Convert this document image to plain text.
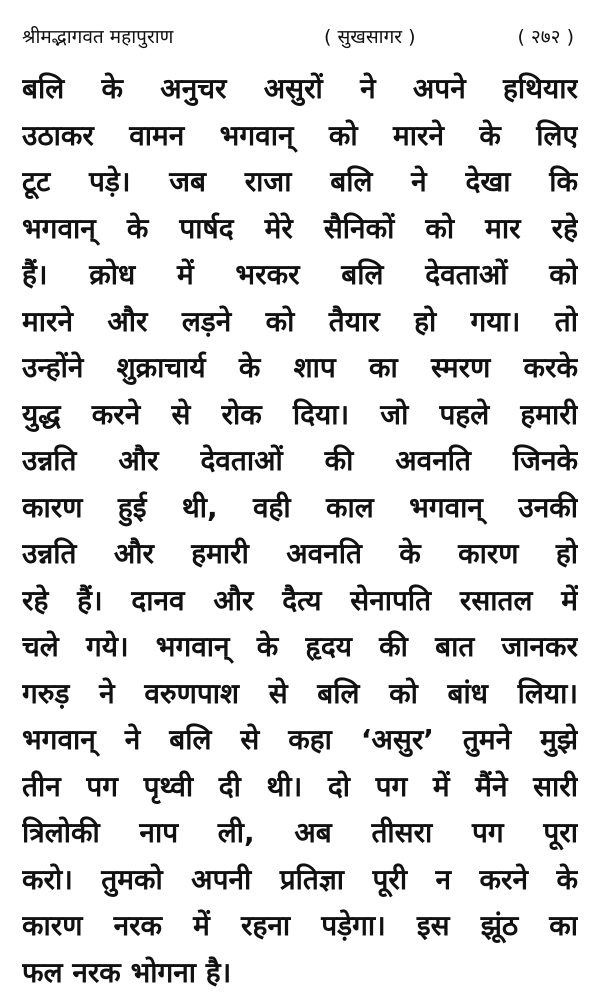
श्रीमद्भागवत महापुराण	( सुखसागर )	( २७२ )
बलि के अनुचर असुरों ने अपने हथियार
उठाकर वामन भगवान् को मारने के लिए
टूट पड़े। जब राजा बलि ने देखा कि
भगवान् के पार्षद मेरे सैनिकों को मार रहे
हैं। क्रोध में भरकर बलि देवताओं को
मारने और लड़ने को तैयार हो गया। तो
उन्होंने शुक्राचार्य के शाप का स्मरण करके
युद्ध करने से रोक दिया। जो पहले हमारी
उन्नति और देवताओं की अवनति जिनके
कारण हुई थी, वही काल भगवान् उनकी
उन्नति और हमारी अवनति के कारण हो
रहे हैं। दानव और दैत्य सेनापति रसातल में
चले गये। भगवान् के हृदय की बात जानकर
गरुड़ ने वरुणपाश से बलि को बांध लिया।
भगवान् ने बलि से कहा ‘असुर’ तुमने मुझे
तीन पग पृथ्वी दी थी। दो पग में मैंने सारी
त्रिलोकी नाप ली, अब तीसरा पग पूरा
करो। तुमको अपनी प्रतिज्ञा पूरी न करने के
कारण नरक में रहना पड़ेगा। इस झूंठ का
फल नरक भोगना है।
